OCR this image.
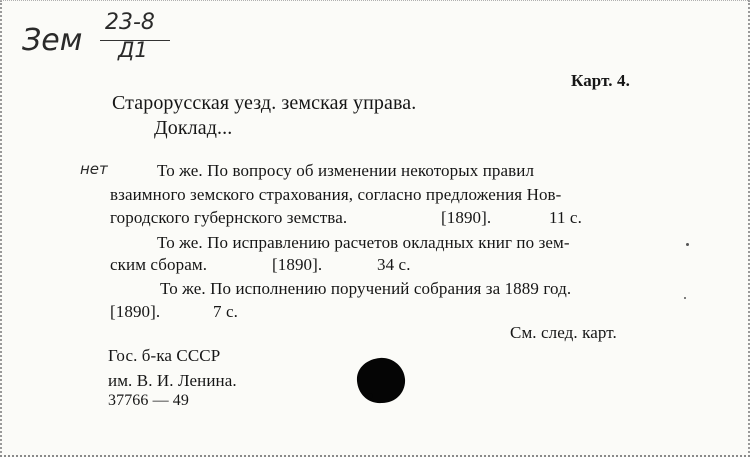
Зем
23-8
Д1
нет
Карт. 4.
Старорусская уезд. земская управа.
Доклад...
То же. По вопросу об изменении некоторых правил
взаимного земского страхования, согласно предложения Нов-
городского губернского земства.	[1890].	11 с.
То же. По исправлению расчетов окладных книг по зем-
ским сборам.	[1890].	34 с.
То же. По исполнению поручений собрания за 1889 год.
[1890].	7 с.
См. след. карт.
Гос. б-ка СССР
им. В. И. Ленина.
37766 — 49
